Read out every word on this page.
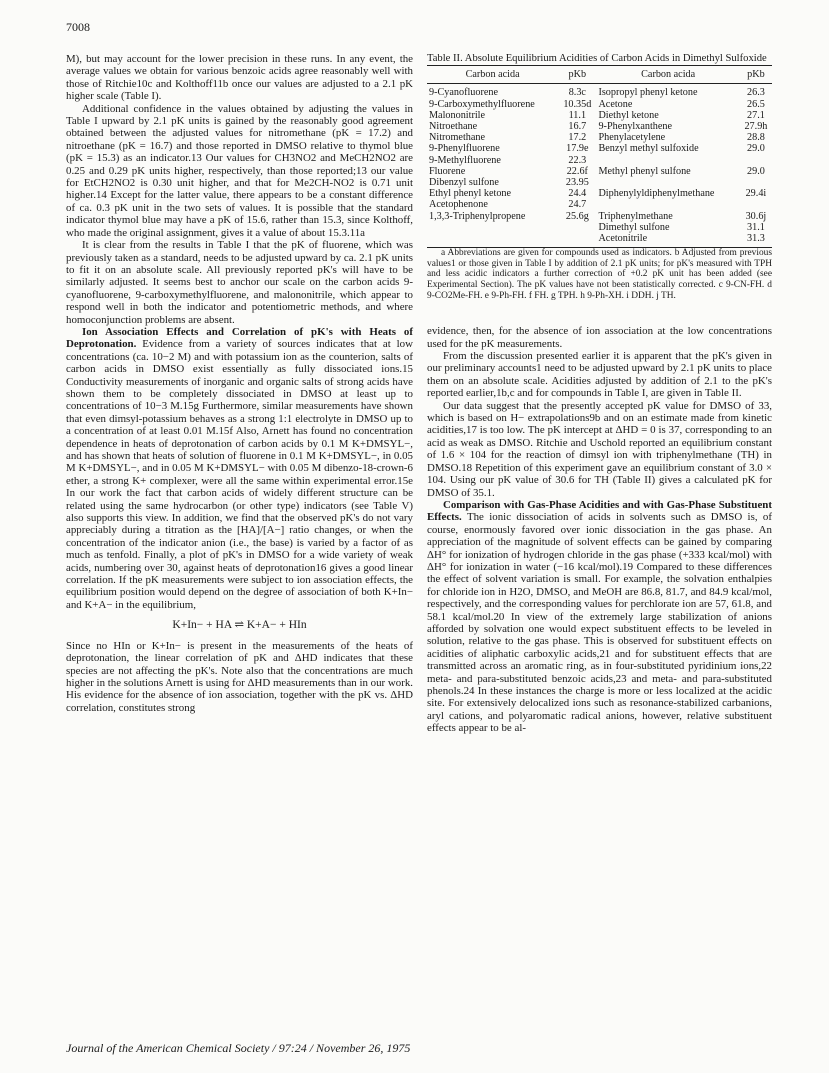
7008

M), but may account for the lower precision in these runs. In any event, the average values we obtain for various benzoic acids agree reasonably well with those of Ritchie10c and Kolthoff11b once our values are adjusted to a 2.1 pK higher scale (Table I).

Additional confidence in the values obtained by adjusting the values in Table I upward by 2.1 pK units is gained by the reasonably good agreement obtained between the adjusted values for nitromethane (pK = 17.2) and nitroethane (pK = 16.7) and those reported in DMSO relative to thymol blue (pK = 15.3) as an indicator.13 Our values for CH3NO2 and MeCH2NO2 are 0.25 and 0.29 pK units higher, respectively, than those reported;13 our value for EtCH2NO2 is 0.30 unit higher, and that for Me2CH-NO2 is 0.71 unit higher.14 Except for the latter value, there appears to be a constant difference of ca. 0.3 pK unit in the two sets of values. It is possible that the standard indicator thymol blue may have a pK of 15.6, rather than 15.3, since Kolthoff, who made the original assignment, gives it a value of about 15.3.11a

It is clear from the results in Table I that the pK of fluorene, which was previously taken as a standard, needs to be adjusted upward by ca. 2.1 pK units to fit it on an absolute scale. All previously reported pK's will have to be similarly adjusted. It seems best to anchor our scale on the carbon acids 9-cyanofluorene, 9-carboxymethylfluorene, and malononitrile, which appear to respond well in both the indicator and potentiometric methods, and where homoconjunction problems are absent.

Ion Association Effects and Correlation of pK's with Heats of Deprotonation. Evidence from a variety of sources indicates that at low concentrations (ca. 10−2 M) and with potassium ion as the counterion, salts of carbon acids in DMSO exist essentially as fully dissociated ions.15 Conductivity measurements of inorganic and organic salts of strong acids have shown them to be completely dissociated in DMSO at least up to concentrations of 10−3 M.15g Furthermore, similar measurements have shown that even dimsyl-potassium behaves as a strong 1:1 electrolyte in DMSO up to a concentration of at least 0.01 M.15f Also, Arnett has found no concentration dependence in heats of deprotonation of carbon acids by 0.1 M K+DMSYL−, and has shown that heats of solution of fluorene in 0.1 M K+DMSYL−, in 0.05 M K+DMSYL−, and in 0.05 M K+DMSYL− with 0.05 M dibenzo-18-crown-6 ether, a strong K+ complexer, were all the same within experimental error.15e In our work the fact that carbon acids of widely different structure can be related using the same hydrocarbon (or other type) indicators (see Table V) also supports this view. In addition, we find that the observed pK's do not vary appreciably during a titration as the [HA]/[A−] ratio changes, or when the concentration of the indicator anion (i.e., the base) is varied by a factor of as much as tenfold. Finally, a plot of pK's in DMSO for a wide variety of weak acids, numbering over 30, against heats of deprotonation16 gives a good linear correlation. If the pK measurements were subject to ion association effects, the equilibrium position would depend on the degree of association of both K+In− and K+A− in the equilibrium,

K+In− + HA ⇌ K+A− + HIn

Since no HIn or K+In− is present in the measurements of the heats of deprotonation, the linear correlation of pK and ΔHD indicates that these species are not affecting the pK's. Note also that the concentrations are much higher in the solutions Arnett is using for ΔHD measurements than in our work. His evidence for the absence of ion association, together with the pK vs. ΔHD correlation, constitutes strong

Table II. Absolute Equilibrium Acidities of Carbon Acids in Dimethyl Sulfoxide

Carbon acida	pKb	Carbon acida	pKb
9-Cyanofluorene	8.3c	Isopropyl phenyl ketone	26.3
9-Carboxymethylfluorene	10.35d	Acetone	26.5
Malononitrile	11.1	Diethyl ketone	27.1
Nitroethane	16.7	9-Phenylxanthene	27.9h
Nitromethane	17.2	Phenylacetylene	28.8
9-Phenylfluorene	17.9e	Benzyl methyl sulfoxide	29.0
9-Methylfluorene	22.3		
Fluorene	22.6f	Methyl phenyl sulfone	29.0
Dibenzyl sulfone	23.95		
Ethyl phenyl ketone	24.4	Diphenylyldiphenylmethane	29.4i
Acetophenone	24.7		
1,3,3-Triphenylpropene	25.6g	Triphenylmethane	30.6j
		Dimethyl sulfone	31.1
		Acetonitrile	31.3

a Abbreviations are given for compounds used as indicators. b Adjusted from previous values1 or those given in Table I by addition of 2.1 pK units; for pK's measured with TPH and less acidic indicators a further correction of +0.2 pK unit has been added (see Experimental Section). The pK values have not been statistically corrected. c 9-CN-FH. d 9-CO2Me-FH. e 9-Ph-FH. f FH. g TPH. h 9-Ph-XH. i DDH. j TH.

evidence, then, for the absence of ion association at the low concentrations used for the pK measurements.

From the discussion presented earlier it is apparent that the pK's given in our preliminary accounts1 need to be adjusted upward by 2.1 pK units to place them on an absolute scale. Acidities adjusted by addition of 2.1 to the pK's reported earlier,1b,c and for compounds in Table I, are given in Table II.

Our data suggest that the presently accepted pK value for DMSO of 33, which is based on H− extrapolations9b and on an estimate made from kinetic acidities,17 is too low. The pK intercept at ΔHD = 0 is 37, corresponding to an acid as weak as DMSO. Ritchie and Uschold reported an equilibrium constant of 1.6 × 104 for the reaction of dimsyl ion with triphenylmethane (TH) in DMSO.18 Repetition of this experiment gave an equilibrium constant of 3.0 × 104. Using our pK value of 30.6 for TH (Table II) gives a calculated pK for DMSO of 35.1.

Comparison with Gas-Phase Acidities and with Gas-Phase Substituent Effects. The ionic dissociation of acids in solvents such as DMSO is, of course, enormously favored over ionic dissociation in the gas phase. An appreciation of the magnitude of solvent effects can be gained by comparing ΔH° for ionization of hydrogen chloride in the gas phase (+333 kcal/mol) with ΔH° for ionization in water (−16 kcal/mol).19 Compared to these differences the effect of solvent variation is small. For example, the solvation enthalpies for chloride ion in H2O, DMSO, and MeOH are 86.8, 81.7, and 84.9 kcal/mol, respectively, and the corresponding values for perchlorate ion are 57, 61.8, and 58.1 kcal/mol.20 In view of the extremely large stabilization of anions afforded by solvation one would expect substituent effects to be leveled in solution, relative to the gas phase. This is observed for substituent effects on acidities of aliphatic carboxylic acids,21 and for substituent effects that are transmitted across an aromatic ring, as in four-substituted pyridinium ions,22 meta- and para-substituted benzoic acids,23 and meta- and para-substituted phenols.24 In these instances the charge is more or less localized at the acidic site. For extensively delocalized ions such as resonance-stabilized carbanions, aryl cations, and polyaromatic radical anions, however, relative substituent effects appear to be al-

Journal of the American Chemical Society / 97:24 / November 26, 1975
